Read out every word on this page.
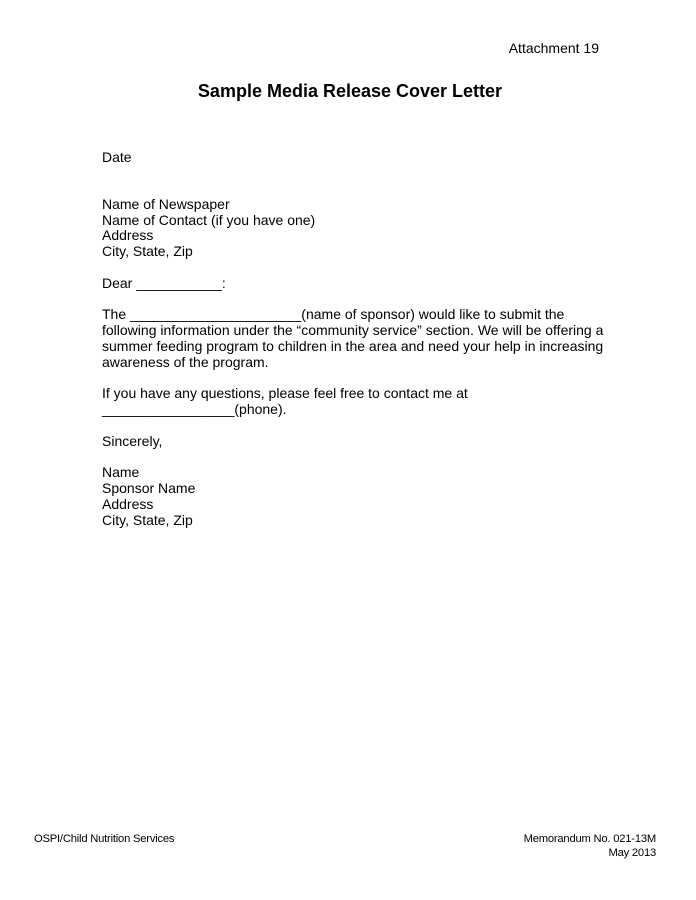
Attachment 19
Sample Media Release Cover Letter
Date
Name of Newspaper
Name of Contact (if you have one)
Address
City, State, Zip
Dear ___________:
The ______________________(name of sponsor) would like to submit the following information under the “community service” section. We will be offering a summer feeding program to children in the area and need your help in increasing awareness of the program.
If you have any questions, please feel free to contact me at
_________________(phone).
Sincerely,
Name
Sponsor Name
Address
City, State, Zip
OSPI/Child Nutrition Services	Memorandum No. 021-13M
May 2013
